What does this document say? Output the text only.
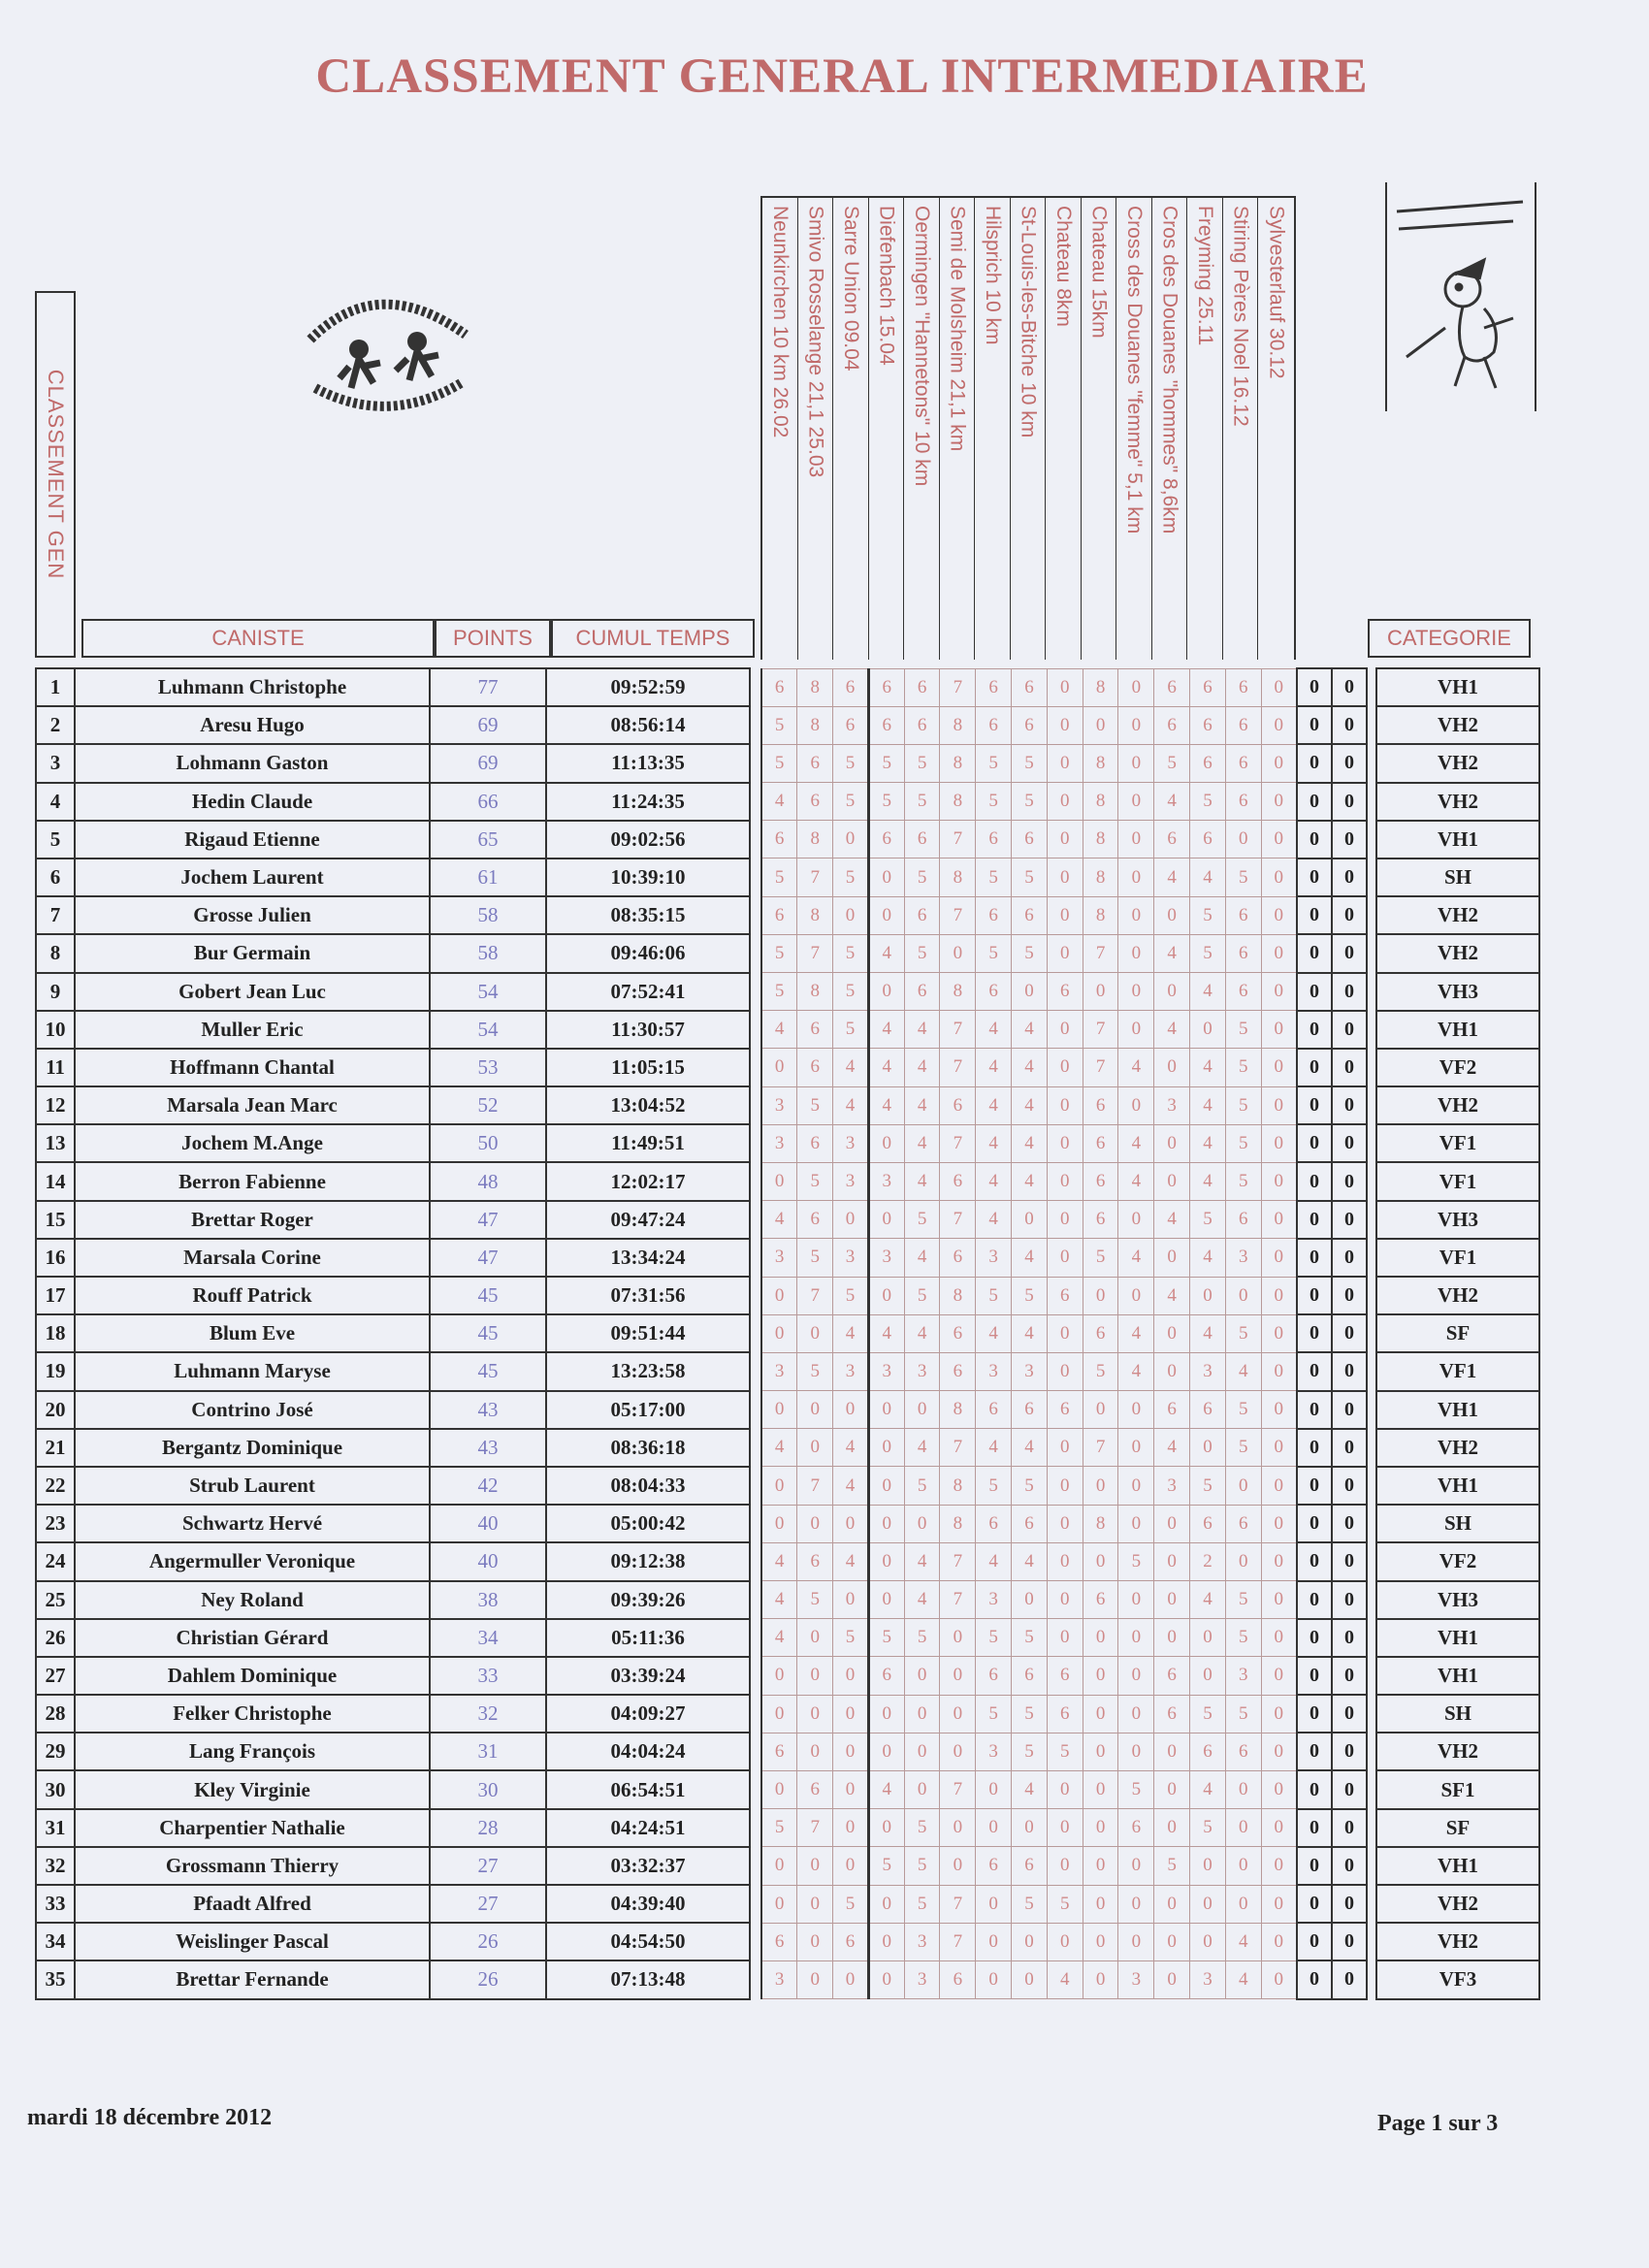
CLASSEMENT GENERAL INTERMEDIAIRE
CLASSEMENT GEN
CANISTE	POINTS	CUMUL TEMPS	CATEGORIE
Neunkirchen 10 km 26.02 Smivo Rosselange 21,1 25.03 Sarre Union 09.04 Diefenbach 15.04 Oermingen "Hannetons" 10 km Semi de Molsheim 21,1 km Hilsprich 10 km St-Louis-les-Bitche 10 km Chateau 8km Chateau 15km Cross des Douanes "femme" 5,1 km Cros des Douanes "hommes" 8,6km Freyming 25.11 Stiring Pères Noel 16.12 Sylvesterlauf 30.12
1	Luhmann Christophe	77	09:52:59		6	8	6	6	6	7	6	6	0	8	0	6	6	6	0	0	0		VH1
2	Aresu Hugo	69	08:56:14		5	8	6	6	6	8	6	6	0	0	0	6	6	6	0	0	0		VH2
3	Lohmann Gaston	69	11:13:35		5	6	5	5	5	8	5	5	0	8	0	5	6	6	0	0	0		VH2
4	Hedin Claude	66	11:24:35		4	6	5	5	5	8	5	5	0	8	0	4	5	6	0	0	0		VH2
5	Rigaud Etienne	65	09:02:56		6	8	0	6	6	7	6	6	0	8	0	6	6	0	0	0	0		VH1
6	Jochem Laurent	61	10:39:10		5	7	5	0	5	8	5	5	0	8	0	4	4	5	0	0	0		SH
7	Grosse Julien	58	08:35:15		6	8	0	0	6	7	6	6	0	8	0	0	5	6	0	0	0		VH2
8	Bur Germain	58	09:46:06		5	7	5	4	5	0	5	5	0	7	0	4	5	6	0	0	0		VH2
9	Gobert Jean Luc	54	07:52:41		5	8	5	0	6	8	6	0	6	0	0	0	4	6	0	0	0		VH3
10	Muller Eric	54	11:30:57		4	6	5	4	4	7	4	4	0	7	0	4	0	5	0	0	0		VH1
11	Hoffmann Chantal	53	11:05:15		0	6	4	4	4	7	4	4	0	7	4	0	4	5	0	0	0		VF2
12	Marsala Jean Marc	52	13:04:52		3	5	4	4	4	6	4	4	0	6	0	3	4	5	0	0	0		VH2
13	Jochem M.Ange	50	11:49:51		3	6	3	0	4	7	4	4	0	6	4	0	4	5	0	0	0		VF1
14	Berron Fabienne	48	12:02:17		0	5	3	3	4	6	4	4	0	6	4	0	4	5	0	0	0		VF1
15	Brettar Roger	47	09:47:24		4	6	0	0	5	7	4	0	0	6	0	4	5	6	0	0	0		VH3
16	Marsala Corine	47	13:34:24		3	5	3	3	4	6	3	4	0	5	4	0	4	3	0	0	0		VF1
17	Rouff Patrick	45	07:31:56		0	7	5	0	5	8	5	5	6	0	0	4	0	0	0	0	0		VH2
18	Blum Eve	45	09:51:44		0	0	4	4	4	6	4	4	0	6	4	0	4	5	0	0	0		SF
19	Luhmann Maryse	45	13:23:58		3	5	3	3	3	6	3	3	0	5	4	0	3	4	0	0	0		VF1
20	Contrino José	43	05:17:00		0	0	0	0	0	8	6	6	6	0	0	6	6	5	0	0	0		VH1
21	Bergantz Dominique	43	08:36:18		4	0	4	0	4	7	4	4	0	7	0	4	0	5	0	0	0		VH2
22	Strub Laurent	42	08:04:33		0	7	4	0	5	8	5	5	0	0	0	3	5	0	0	0	0		VH1
23	Schwartz Hervé	40	05:00:42		0	0	0	0	0	8	6	6	0	8	0	0	6	6	0	0	0		SH
24	Angermuller Veronique	40	09:12:38		4	6	4	0	4	7	4	4	0	0	5	0	2	0	0	0	0		VF2
25	Ney Roland	38	09:39:26		4	5	0	0	4	7	3	0	0	6	0	0	4	5	0	0	0		VH3
26	Christian Gérard	34	05:11:36		4	0	5	5	5	0	5	5	0	0	0	0	0	5	0	0	0		VH1
27	Dahlem Dominique	33	03:39:24		0	0	0	6	0	0	6	6	6	0	0	6	0	3	0	0	0		VH1
28	Felker Christophe	32	04:09:27		0	0	0	0	0	0	5	5	6	0	0	6	5	5	0	0	0		SH
29	Lang François	31	04:04:24		6	0	0	0	0	0	3	5	5	0	0	0	6	6	0	0	0		VH2
30	Kley Virginie	30	06:54:51		0	6	0	4	0	7	0	4	0	0	5	0	4	0	0	0	0		SF1
31	Charpentier Nathalie	28	04:24:51		5	7	0	0	5	0	0	0	0	0	6	0	5	0	0	0	0		SF
32	Grossmann Thierry	27	03:32:37		0	0	0	5	5	0	6	6	0	0	0	5	0	0	0	0	0		VH1
33	Pfaadt Alfred	27	04:39:40		0	0	5	0	5	7	0	5	5	0	0	0	0	0	0	0	0		VH2
34	Weislinger Pascal	26	04:54:50		6	0	6	0	3	7	0	0	0	0	0	0	0	4	0	0	0		VH2
35	Brettar Fernande	26	07:13:48		3	0	0	0	3	6	0	0	4	0	3	0	3	4	0	0	0		VF3
mardi 18 décembre 2012	Page 1 sur 3
